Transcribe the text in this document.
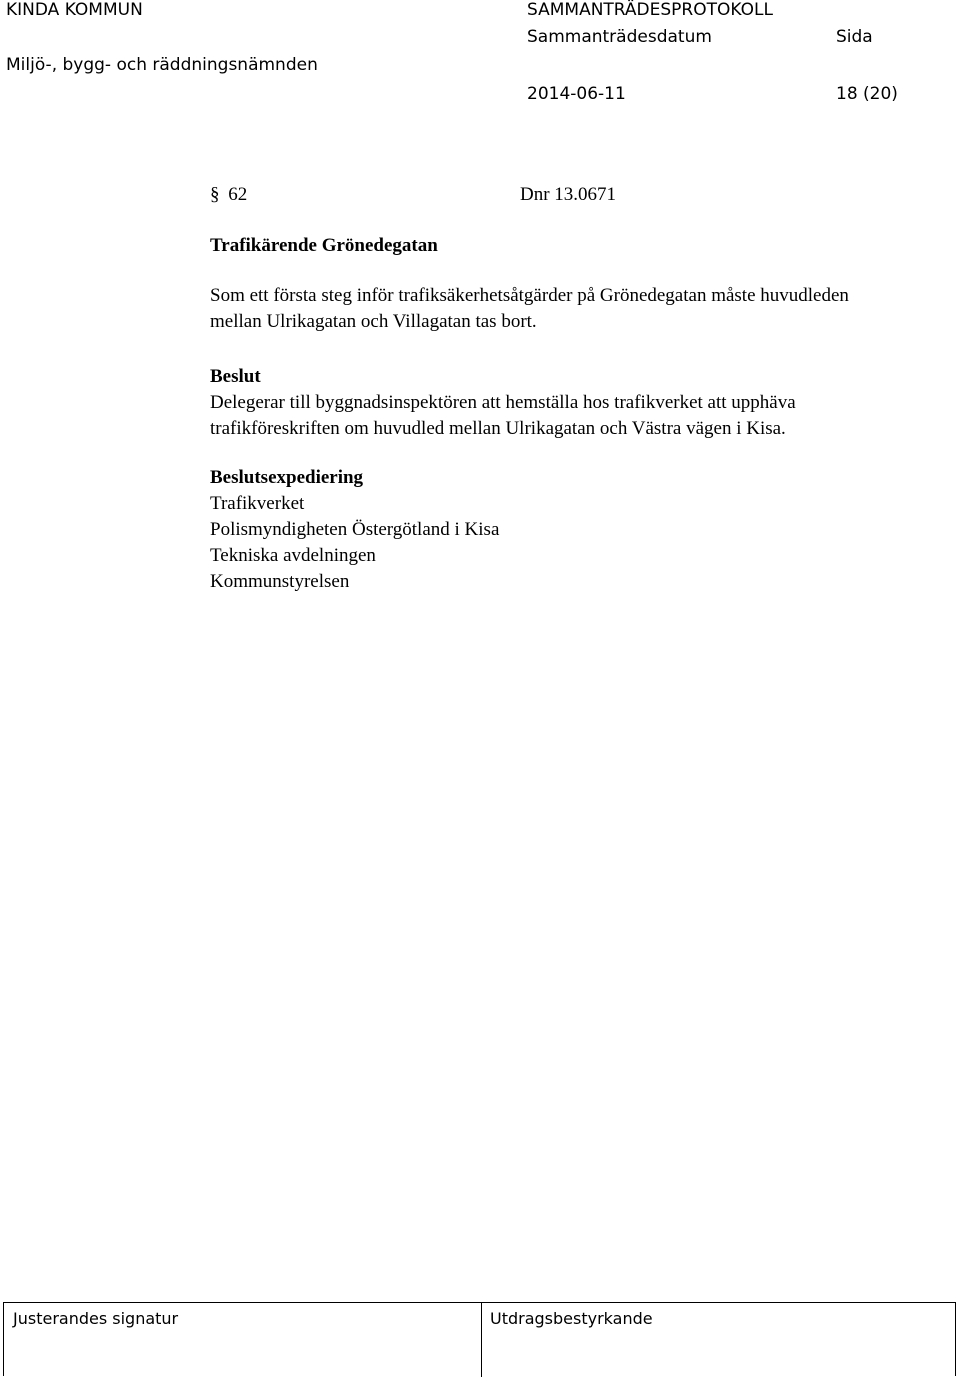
KINDA KOMMUN	SAMMANTRÄDESPROTOKOLL
Sammanträdesdatum	Sida
Miljö-, bygg- och räddningsnämnden
2014-06-11	18 (20)
§ 62	Dnr 13.0671
Trafikärende Grönedegatan
Som ett första steg inför trafiksäkerhetsåtgärder på Grönedegatan måste huvudleden
mellan Ulrikagatan och Villagatan tas bort.
Beslut
Delegerar till byggnadsinspektören att hemställa hos trafikverket att upphäva
trafikföreskriften om huvudled mellan Ulrikagatan och Västra vägen i Kisa.
Beslutsexpediering
Trafikverket
Polismyndigheten Östergötland i Kisa
Tekniska avdelningen
Kommunstyrelsen
Justerandes signatur	Utdragsbestyrkande
